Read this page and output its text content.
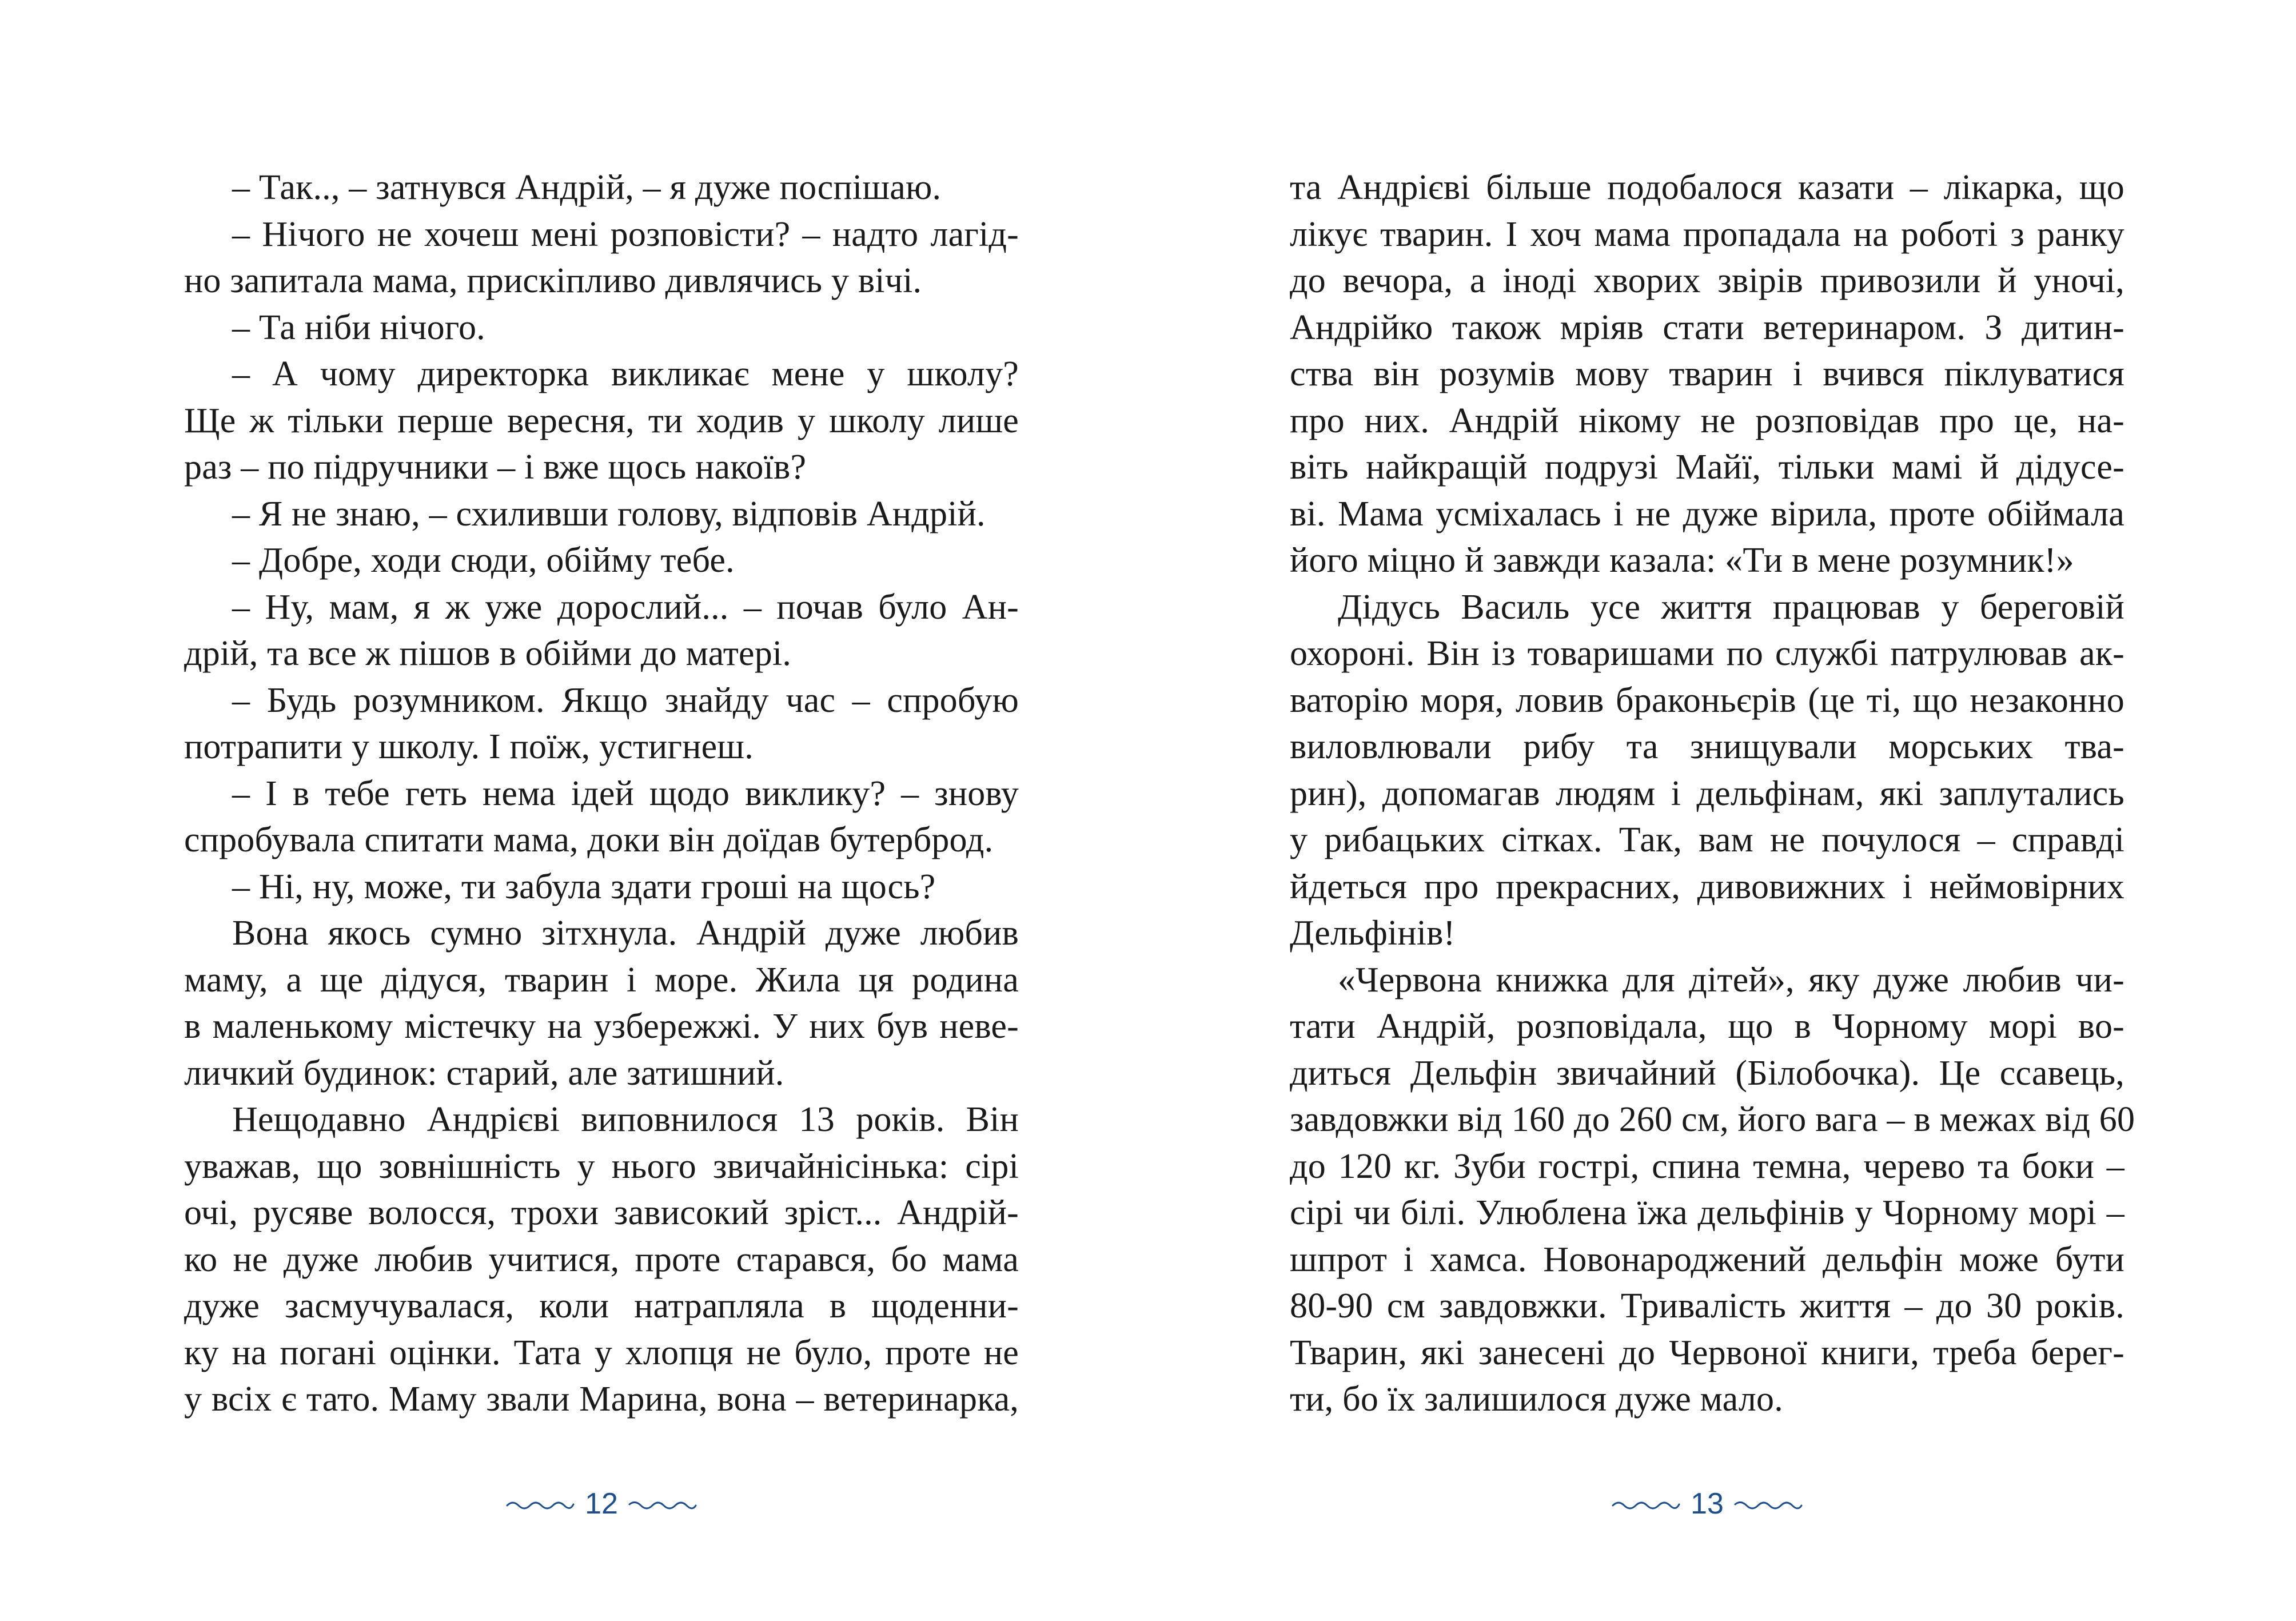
– Так.., – затнувся Андрій, – я дуже поспішаю.
– Нічого не хочеш мені розповісти? – надто лагід-
но запитала мама, прискіпливо дивлячись у вічі.
– Та ніби нічого.
– А чому директорка викликає мене у школу?
Ще ж тільки перше вересня, ти ходив у школу лише
раз – по підручники – і вже щось накоїв?
– Я не знаю, – схиливши голову, відповів Андрій.
– Добре, ходи сюди, обійму тебе.
– Ну, мам, я ж уже дорослий... – почав було Ан-
дрій, та все ж пішов в обійми до матері.
– Будь розумником. Якщо знайду час – спробую
потрапити у школу. І поїж, устигнеш.
– І в тебе геть нема ідей щодо виклику? – знову
спробувала спитати мама, доки він доїдав бутерброд.
– Ні, ну, може, ти забула здати гроші на щось?
Вона якось сумно зітхнула. Андрій дуже любив
маму, а ще дідуся, тварин і море. Жила ця родина
в маленькому містечку на узбережжі. У них був неве-
личкий будинок: старий, але затишний.
Нещодавно Андрієві виповнилося 13 років. Він
уважав, що зовнішність у нього звичайнісінька: сірі
очі, русяве волосся, трохи зависокий зріст... Андрій-
ко не дуже любив учитися, проте старався, бо мама
дуже засмучувалася, коли натрапляла в щоденни-
ку на погані оцінки. Тата у хлопця не було, проте не
у всіх є тато. Маму звали Марина, вона – ветеринарка,
12
та Андрієві більше подобалося казати – лікарка, що
лікує тварин. І хоч мама пропадала на роботі з ранку
до вечора, а іноді хворих звірів привозили й уночі,
Андрійко також мріяв стати ветеринаром. З дитин-
ства він розумів мову тварин і вчився піклуватися
про них. Андрій нікому не розповідав про це, на-
віть найкращій подрузі Майї, тільки мамі й дідусе-
ві. Мама усміхалась і не дуже вірила, проте обіймала
його міцно й завжди казала: «Ти в мене розумник!»
Дідусь Василь усе життя працював у береговій
охороні. Він із товаришами по службі патрулював ак-
ваторію моря, ловив браконьєрів (це ті, що незаконно
виловлювали рибу та знищували морських тва-
рин), допомагав людям і дельфінам, які заплутались
у рибацьких сітках. Так, вам не почулося – справді
йдеться про прекрасних, дивовижних і неймовірних
Дельфінів!
«Червона книжка для дітей», яку дуже любив чи-
тати Андрій, розповідала, що в Чорному морі во-
диться Дельфін звичайний (Білобочка). Це ссавець,
завдовжки від 160 до 260 см, його вага – в межах від 60
до 120 кг. Зуби гострі, спина темна, черево та боки –
сірі чи білі. Улюблена їжа дельфінів у Чорному морі –
шпрот і хамса. Новонароджений дельфін може бути
80-90 см завдовжки. Тривалість життя – до 30 років.
Тварин, які занесені до Червоної книги, треба берег-
ти, бо їх залишилося дуже мало.
13
